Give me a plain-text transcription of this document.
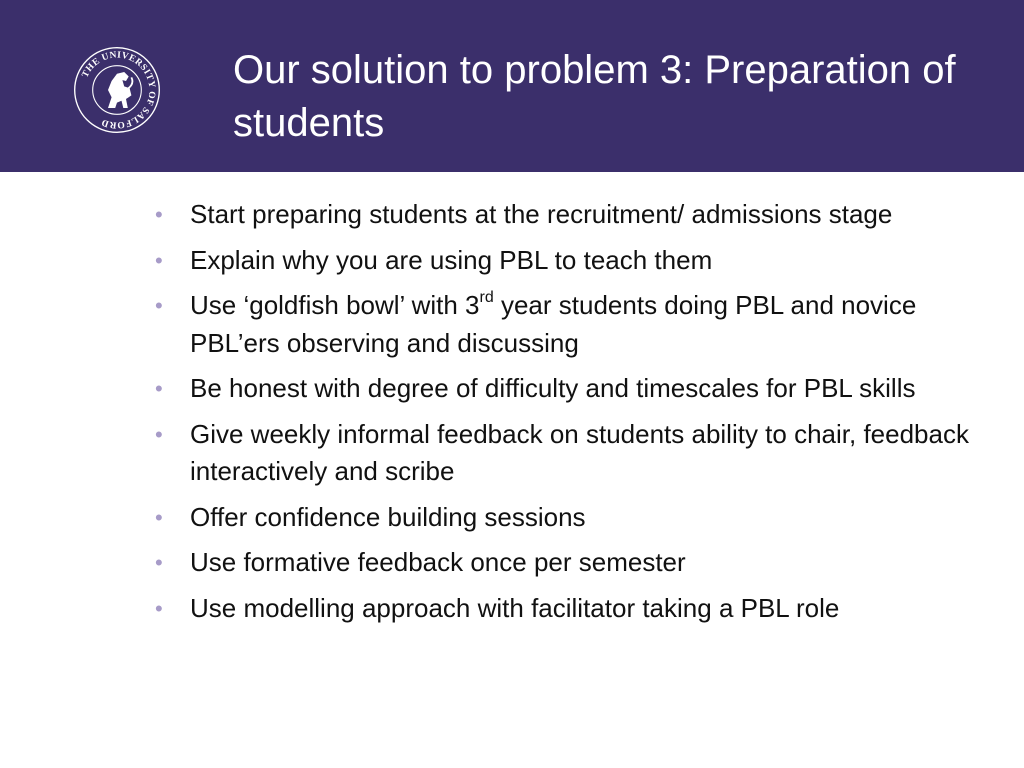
THE UNIVERSITY OF SALFORD
Our solution to problem 3: Preparation of students
• Start preparing students at the recruitment/ admissions stage
• Explain why you are using PBL to teach them
• Use ‘goldfish bowl’ with 3rd year students doing PBL and novice PBL’ers observing and discussing
• Be honest with degree of difficulty and timescales for PBL skills
• Give weekly informal feedback on students ability to chair, feedback interactively and scribe
• Offer confidence building sessions
• Use formative feedback once per semester
• Use modelling approach with facilitator taking a PBL role
